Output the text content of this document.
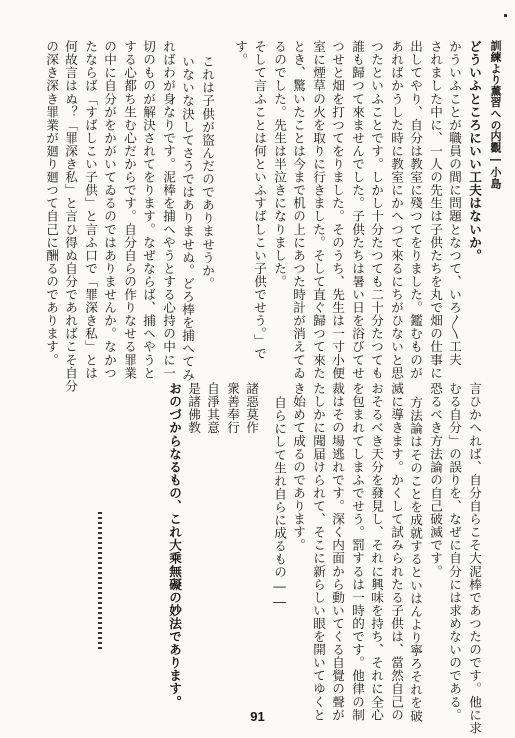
訓練より薫習への内觀―小島
どういふところにいい工夫はないか。
かういふことが職員の間に問題となつて、いろ〳〵工夫
されました中に、一人の先生は子供たちを丸で畑の仕事に
出してやり、自分は教室に殘つてをりました。鑑むものが
あればかうした時に教室にかへつて來るにちがひないと思
つたといふことです。しかし十分たつても二十分たつても
誰も歸つて來ませんでした。子供たちは暑い日を浴びてせ
つせと畑を打つてをりました。そのうち、先生は一寸小便
室に煙草の火を取りに行きました。そして直ぐ歸つて來た
とき、驚いたことは今まで机の上にあつた時計が消えてゐ
るのでした。先生は半泣きになりました。
そして言ふことは何といふすばしこい子供でせう。」で
す。
これは子供が盜んだのでありませうか。
いないな決してさうではありませぬ。どろ棒を捕へてみ
ればわが身なりです。泥棒を捕へやうとする心持の中に一
切のものが解決されてをります。なぜならば、捕へやうと
する心都ち生む心だからです。自分自らの作りなせる罪業
の中に自分がをかがいてゐるのではありませんか。なかつ
たならば「すばしこい子供」と言ふ口で「罪深き私」とは
何故言はぬ？「罪深き私」と言ひ得ぬ自分であればこそ自分
の深き深き罪業が廻り廻つて自己に酬るのであります。
言ひかへれば、自分自らこそ大泥棒であつたのです。他に求
むる自分」の誤りを、なぜに自分には求めないのである。
恐るべき方法論の自己破滅です。
方法論はそのことを成就するといはんより寧ろそれを破
滅に導きます。かくして試みられたる子供は、當然自己の
おそるべき天分を發見し、それに興味を持ち、それに全心
を包まれてしまふでせう。罰するは一時的です。他律の制
裁はその場逃れです。深く内面から動いてくる自覺の聲が
たしかに聞届けられて、そこに新らしい眼を開いてゆくと
き始めて成るのであります。
自らにして生れ自らに成るもの――
諸惡莫作
衆善奉行
自淨其意
是諸佛教
おのづからなるもの、これ大乘無礙の妙法であります。
91
